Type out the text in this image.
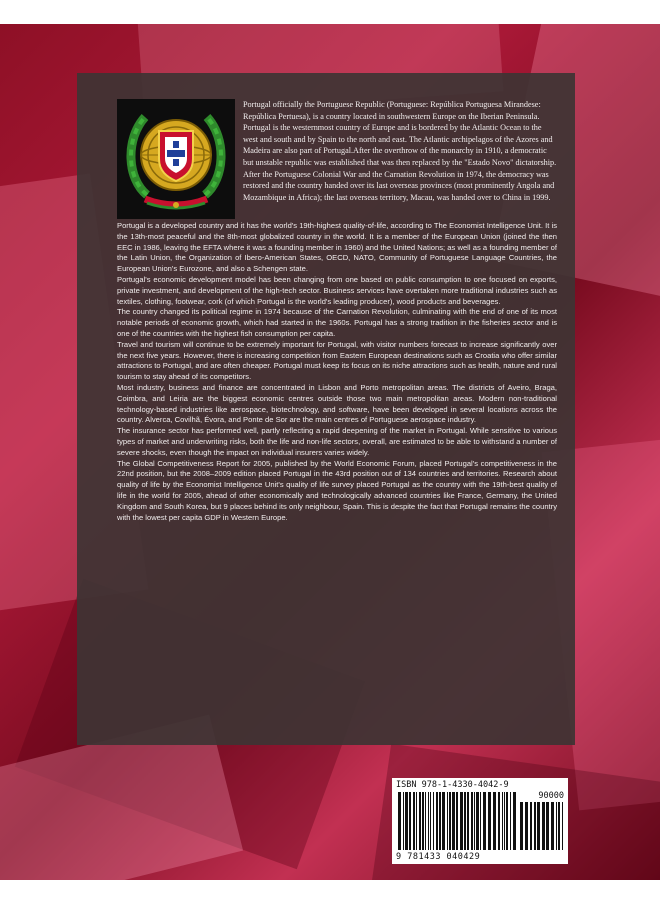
Portugal officially the Portuguese Republic (Portuguese: República Portuguesa Mirandese: República Pertuesa), is a country located in southwestern Europe on the Iberian Peninsula. Portugal is the westernmost country of Europe and is bordered by the Atlantic Ocean to the west and south and by Spain to the north and east. The Atlantic archipelagos of the Azores and Madeira are also part of Portugal.After the overthrow of the monarchy in 1910, a democratic but unstable republic was established that was then replaced by the "Estado Novo" dictatorship. After the Portuguese Colonial War and the Carnation Revolution in 1974, the democracy was restored and the country handed over its last overseas provinces (most prominently Angola and Mozambique in Africa); the last overseas territory, Macau, was handed over to China in 1999.

Portugal is a developed country and it has the world's 19th-highest quality-of-life, according to The Economist Intelligence Unit. It is the 13th-most peaceful and the 8th-most globalized country in the world. It is a member of the European Union (joined the then EEC in 1986, leaving the EFTA where it was a founding member in 1960) and the United Nations; as well as a founding member of the Latin Union, the Organization of Ibero-American States, OECD, NATO, Community of Portuguese Language Countries, the European Union's Eurozone, and also a Schengen state.

Portugal's economic development model has been changing from one based on public consumption to one focused on exports, private investment, and development of the high-tech sector. Business services have overtaken more traditional industries such as textiles, clothing, footwear, cork (of which Portugal is the world's leading producer), wood products and beverages.

The country changed its political regime in 1974 because of the Carnation Revolution, culminating with the end of one of its most notable periods of economic growth, which had started in the 1960s. Portugal has a strong tradition in the fisheries sector and is one of the countries with the highest fish consumption per capita.

Travel and tourism will continue to be extremely important for Portugal, with visitor numbers forecast to increase significantly over the next five years. However, there is increasing competition from Eastern European destinations such as Croatia who offer similar attractions to Portugal, and are often cheaper. Portugal must keep its focus on its niche attractions such as health, nature and rural tourism to stay ahead of its competitors.

Most industry, business and finance are concentrated in Lisbon and Porto metropolitan areas. The districts of Aveiro, Braga, Coimbra, and Leiria are the biggest economic centres outside those two main metropolitan areas. Modern non-traditional technology-based industries like aerospace, biotechnology, and software, have been developed in several locations across the country. Alverca, Covilhã, Évora, and Ponte de Sor are the main centres of Portuguese aerospace industry.

The insurance sector has performed well, partly reflecting a rapid deepening of the market in Portugal. While sensitive to various types of market and underwriting risks, both the life and non-life sectors, overall, are estimated to be able to withstand a number of severe shocks, even though the impact on individual insurers varies widely.

The Global Competitiveness Report for 2005, published by the World Economic Forum, placed Portugal's competitiveness in the 22nd position, but the 2008–2009 edition placed Portugal in the 43rd position out of 134 countries and territories. Research about quality of life by the Economist Intelligence Unit's quality of life survey placed Portugal as the country with the 19th-best quality of life in the world for 2005, ahead of other economically and technologically advanced countries like France, Germany, the United Kingdom and South Korea, but 9 places behind its only neighbour, Spain. This is despite the fact that Portugal remains the country with the lowest per capita GDP in Western Europe.

ISBN 978-1-4330-4042-9
90000
9 781433 040429
